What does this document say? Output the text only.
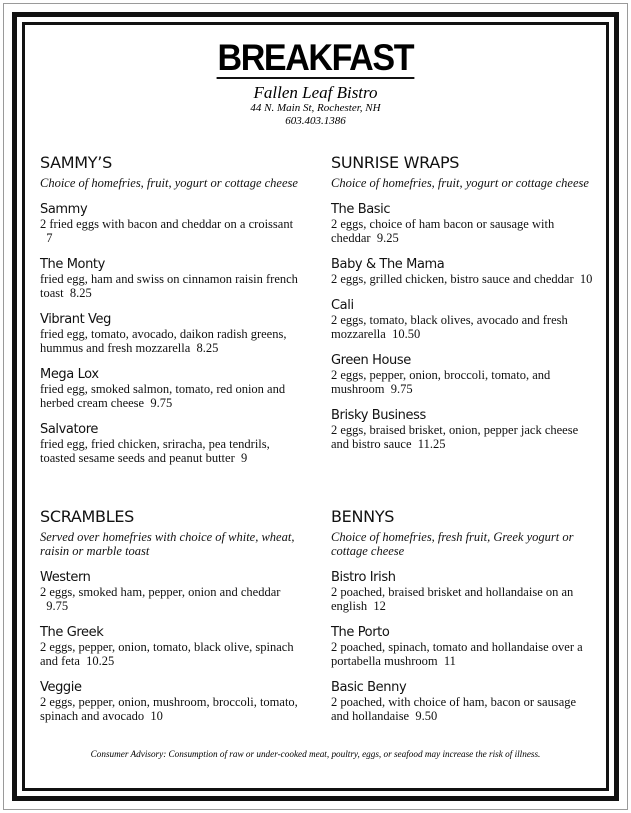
BREAKFAST
Fallen Leaf Bistro
44 N. Main St, Rochester, NH
603.403.1386
SAMMY’S
Choice of homefries, fruit, yogurt or cottage cheese
Sammy
2 fried eggs with bacon and cheddar on a croissant7
The Monty
fried egg, ham and swiss on cinnamon raisin french toast 8.25
Vibrant Veg
fried egg, tomato, avocado, daikon radish greens, hummus and fresh mozzarella 8.25
Mega Lox
fried egg, smoked salmon, tomato, red onion and herbed cream cheese 9.75
Salvatore
fried egg, fried chicken, sriracha, pea tendrils, toasted sesame seeds and peanut butter 9
SUNRISE WRAPS
Choice of homefries, fruit, yogurt or cottage cheese
The Basic
2 eggs, choice of ham bacon or sausage with cheddar 9.25
Baby & The Mama
2 eggs, grilled chicken, bistro sauce and cheddar 10
Cali
2 eggs, tomato, black olives, avocado and fresh mozzarella 10.50
Green House
2 eggs, pepper, onion, broccoli, tomato, and mushroom 9.75
Brisky Business
2 eggs, braised brisket, onion, pepper jack cheese and bistro sauce 11.25
SCRAMBLES
Served over homefries with choice of white, wheat, raisin or marble toast
Western
2 eggs, smoked ham, pepper, onion and cheddar9.75
The Greek
2 eggs, pepper, onion, tomato, black olive, spinach and feta 10.25
Veggie
2 eggs, pepper, onion, mushroom, broccoli, tomato, spinach and avocado 10
BENNYS
Choice of homefries, fresh fruit, Greek yogurt or cottage cheese
Bistro Irish
2 poached, braised brisket and hollandaise on an english 12
The Porto
2 poached, spinach, tomato and hollandaise over a portabella mushroom 11
Basic Benny
2 poached, with choice of ham, bacon or sausage and hollandaise 9.50
Consumer Advisory: Consumption of raw or under-cooked meat, poultry, eggs, or seafood may increase the risk of illness.
